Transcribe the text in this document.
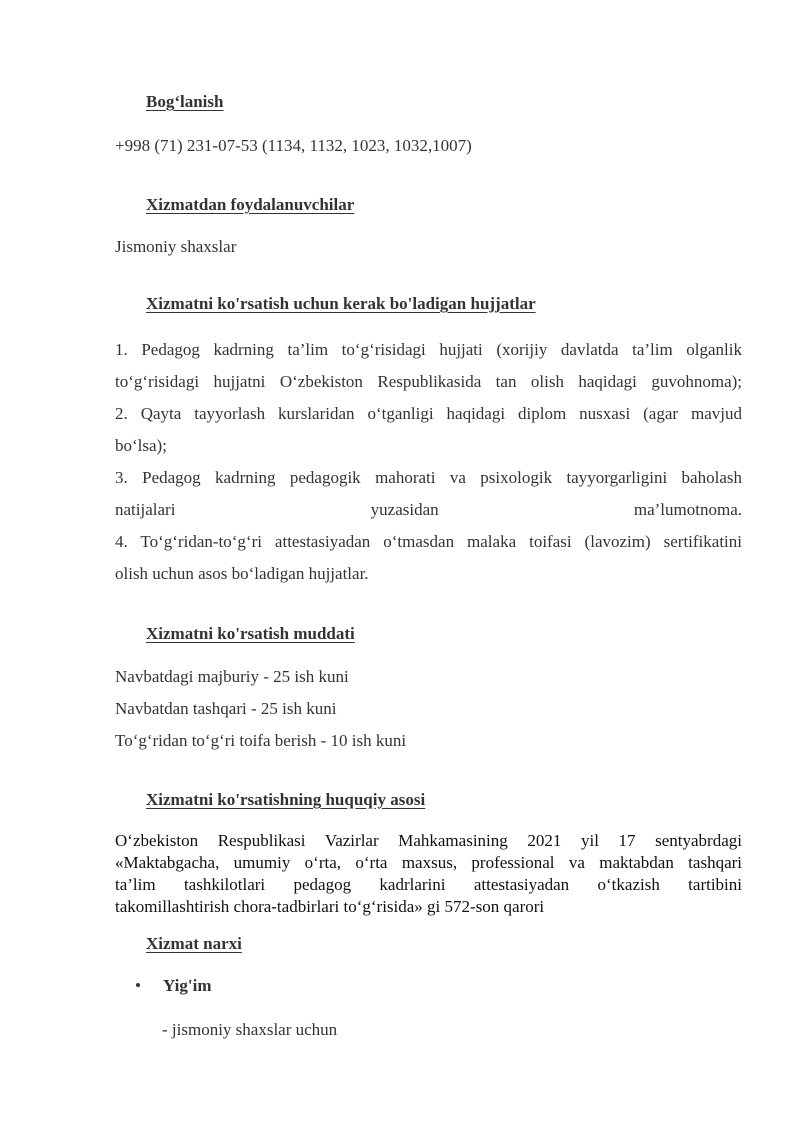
Bog‘lanish
+998 (71) 231-07-53 (1134, 1132, 1023, 1032,1007)
Xizmatdan foydalanuvchilar
Jismoniy shaxslar
Xizmatni ko'rsatish uchun kerak bo'ladigan hujjatlar
1. Pedagog kadrning ta’lim to‘g‘risidagi hujjati (xorijiy davlatda ta’lim olganlik
to‘g‘risidagi hujjatni O‘zbekiston Respublikasida tan olish haqidagi guvohnoma);
2. Qayta tayyorlash kurslaridan o‘tganligi haqidagi diplom nusxasi (agar mavjud
bo‘lsa);
3. Pedagog kadrning pedagogik mahorati va psixologik tayyorgarligini baholash
natijalari yuzasidan ma’lumotnoma.
4. To‘g‘ridan-to‘g‘ri attestasiyadan o‘tmasdan malaka toifasi (lavozim) sertifikatini
olish uchun asos bo‘ladigan hujjatlar.
Xizmatni ko'rsatish muddati
Navbatdagi majburiy - 25 ish kuni
Navbatdan tashqari - 25 ish kuni
To‘g‘ridan to‘g‘ri toifa berish - 10 ish kuni
Xizmatni ko'rsatishning huquqiy asosi
O‘zbekiston Respublikasi Vazirlar Mahkamasining 2021 yil 17 sentyabrdagi
«Maktabgacha, umumiy o‘rta, o‘rta maxsus, professional va maktabdan tashqari
ta’lim tashkilotlari pedagog kadrlarini attestasiyadan o‘tkazish tartibini
takomillashtirish chora-tadbirlari to‘g‘risida» gi 572-son qarori
Xizmat narxi
• Yig'im
- jismoniy shaxslar uchun
